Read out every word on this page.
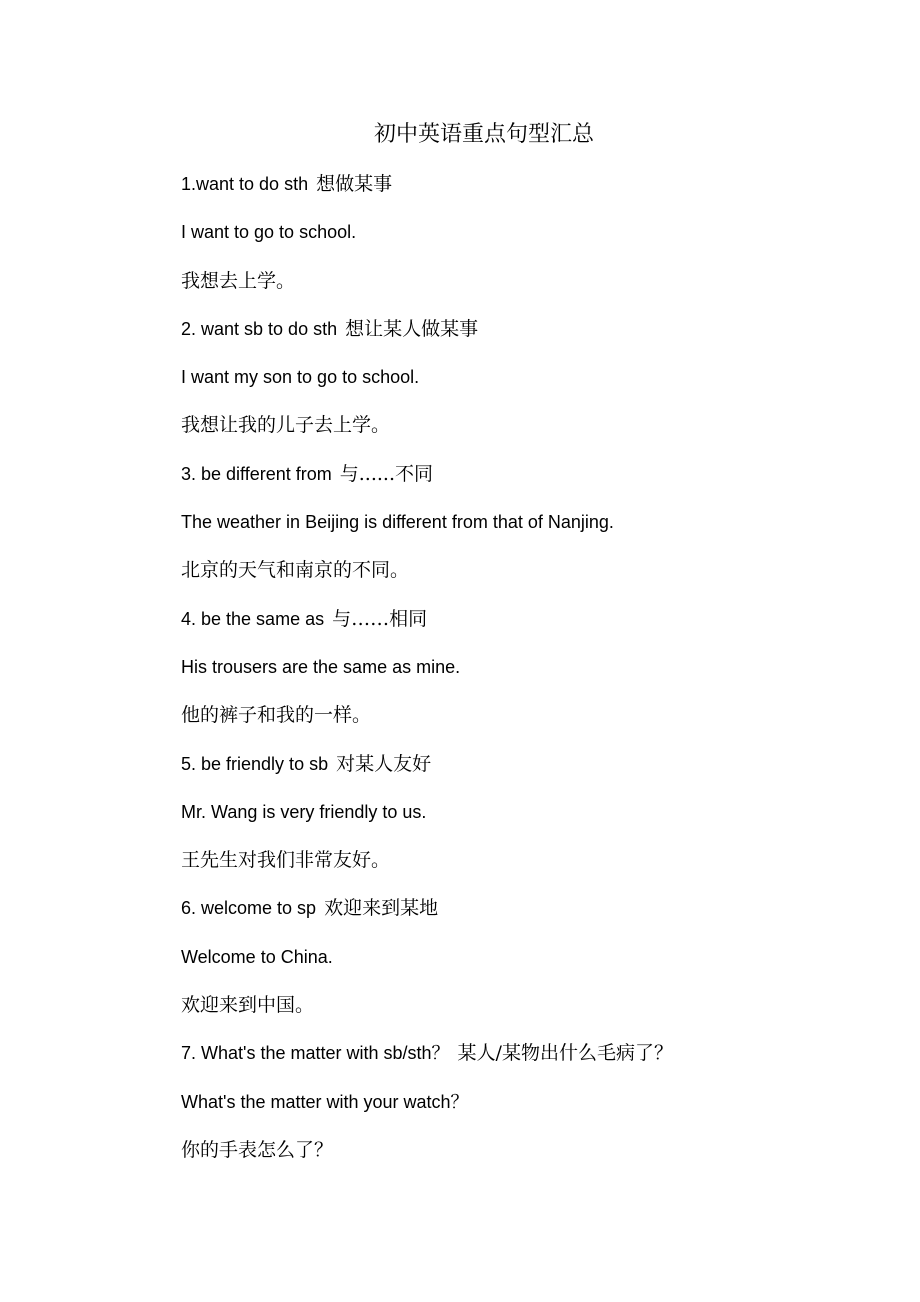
初中英语重点句型汇总
1.want to do sth 想做某事
I want to go to school.
我想去上学。
2. want sb to do sth 想让某人做某事
I want my son to go to school.
我想让我的儿子去上学。
3. be different from 与......不同
The weather in Beijing is different from that of Nanjing.
北京的天气和南京的不同。
4. be the same as 与……相同
His trousers are the same as mine.
他的裤子和我的一样。
5. be friendly to sb 对某人友好
Mr. Wang is very friendly to us.
王先生对我们非常友好。
6. welcome to sp 欢迎来到某地
Welcome to China.
欢迎来到中国。
7. What's the matter with sb/sth？ 某人/某物出什么毛病了？
What's the matter with your watch？
你的手表怎么了？
